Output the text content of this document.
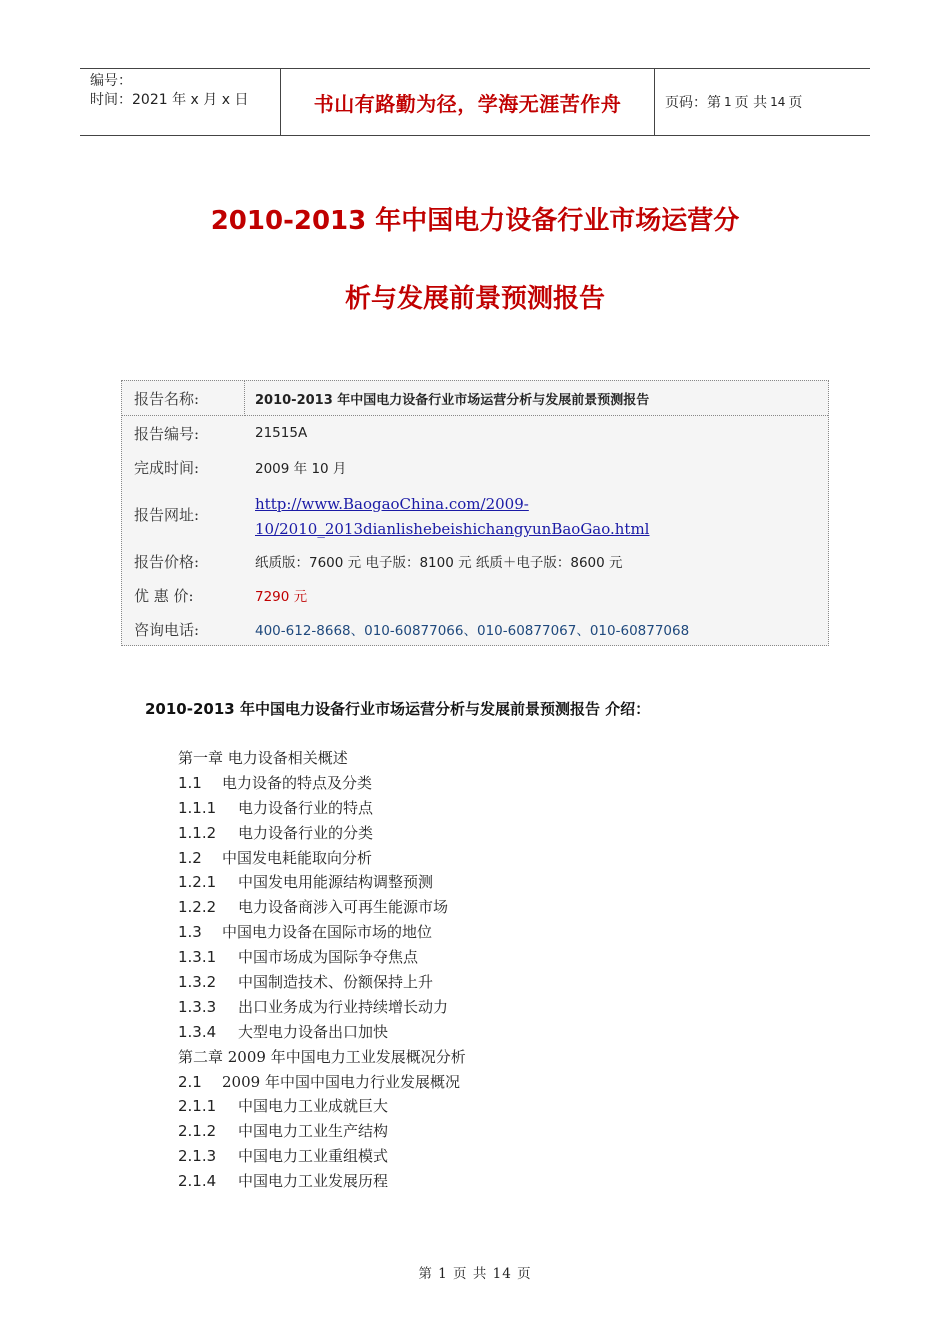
编号：
时间：2021 年 x 月 x 日	书山有路勤为径，学海无涯苦作舟	页码：第 1 页 共 14 页
2010-2013 年中国电力设备行业市场运营分
析与发展前景预测报告
报告名称:	2010-2013 年中国电力设备行业市场运营分析与发展前景预测报告
报告编号:	21515A
完成时间:	2009 年 10 月
报告网址:
http://www.BaogaoChina.com/2009-
10/2010_2013dianlishebeishichangyunBaoGao.html
报告价格:	纸质版：7600 元 电子版：8100 元 纸质＋电子版：8600 元
优 惠 价:	7290 元
咨询电话:	400-612-8668、010-60877066、010-60877067、010-60877068
2010-2013 年中国电力设备行业市场运营分析与发展前景预测报告 介绍：
第一章 电力设备相关概述
1.1 电力设备的特点及分类
1.1.1 电力设备行业的特点
1.1.2 电力设备行业的分类
1.2 中国发电耗能取向分析
1.2.1 中国发电用能源结构调整预测
1.2.2 电力设备商涉入可再生能源市场
1.3 中国电力设备在国际市场的地位
1.3.1 中国市场成为国际争夺焦点
1.3.2 中国制造技术、份额保持上升
1.3.3 出口业务成为行业持续增长动力
1.3.4 大型电力设备出口加快
第二章 2009 年中国电力工业发展概况分析
2.1 2009 年中国中国电力行业发展概况
2.1.1 中国电力工业成就巨大
2.1.2 中国电力工业生产结构
2.1.3 中国电力工业重组模式
2.1.4 中国电力工业发展历程
第 1 页 共 14 页
